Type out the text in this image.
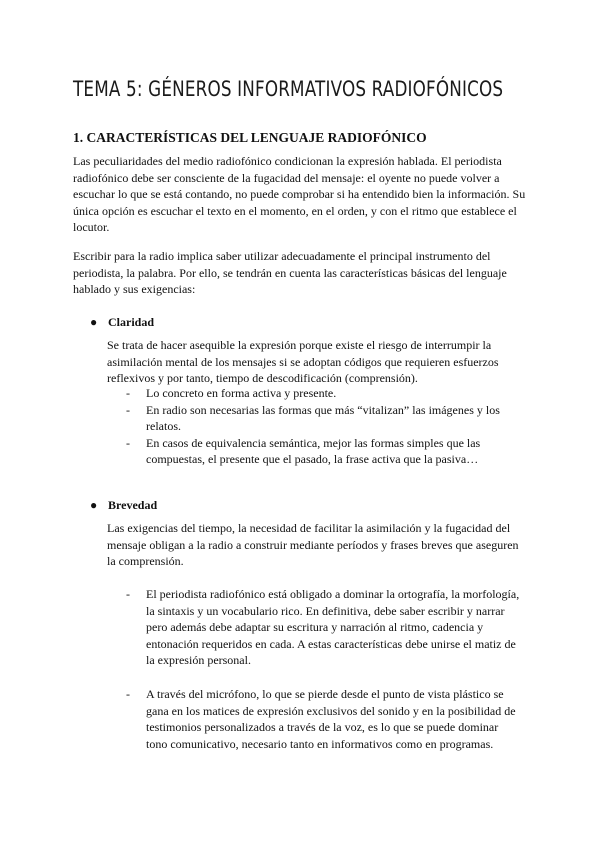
TEMA 5: GÉNEROS INFORMATIVOS RADIOFÓNICOS
1. CARACTERÍSTICAS DEL LENGUAJE RADIOFÓNICO

Las peculiaridades del medio radiofónico condicionan la expresión hablada. El periodista radiofónico debe ser consciente de la fugacidad del mensaje: el oyente no puede volver a escuchar lo que se está contando, no puede comprobar si ha entendido bien la información. Su única opción es escuchar el texto en el momento, en el orden, y con el ritmo que establece el locutor.

Escribir para la radio implica saber utilizar adecuadamente el principal instrumento del periodista, la palabra. Por ello, se tendrán en cuenta las características básicas del lenguaje hablado y sus exigencias:

● Claridad

Se trata de hacer asequible la expresión porque existe el riesgo de interrumpir la asimilación mental de los mensajes si se adoptan códigos que requieren esfuerzos reflexivos y por tanto, tiempo de descodificación (comprensión).

- Lo concreto en forma activa y presente.
- En radio son necesarias las formas que más “vitalizan” las imágenes y los relatos.
- En casos de equivalencia semántica, mejor las formas simples que las compuestas, el presente que el pasado, la frase activa que la pasiva…
● Brevedad

Las exigencias del tiempo, la necesidad de facilitar la asimilación y la fugacidad del mensaje obligan a la radio a construir mediante períodos y frases breves que aseguren la comprensión.

- El periodista radiofónico está obligado a dominar la ortografía, la morfología, la sintaxis y un vocabulario rico. En definitiva, debe saber escribir y narrar pero además debe adaptar su escritura y narración al ritmo, cadencia y entonación requeridos en cada. A estas características debe unirse el matiz de la expresión personal.
- A través del micrófono, lo que se pierde desde el punto de vista plástico se gana en los matices de expresión exclusivos del sonido y en la posibilidad de testimonios personalizados a través de la voz, es lo que se puede dominar tono comunicativo, necesario tanto en informativos como en programas.
